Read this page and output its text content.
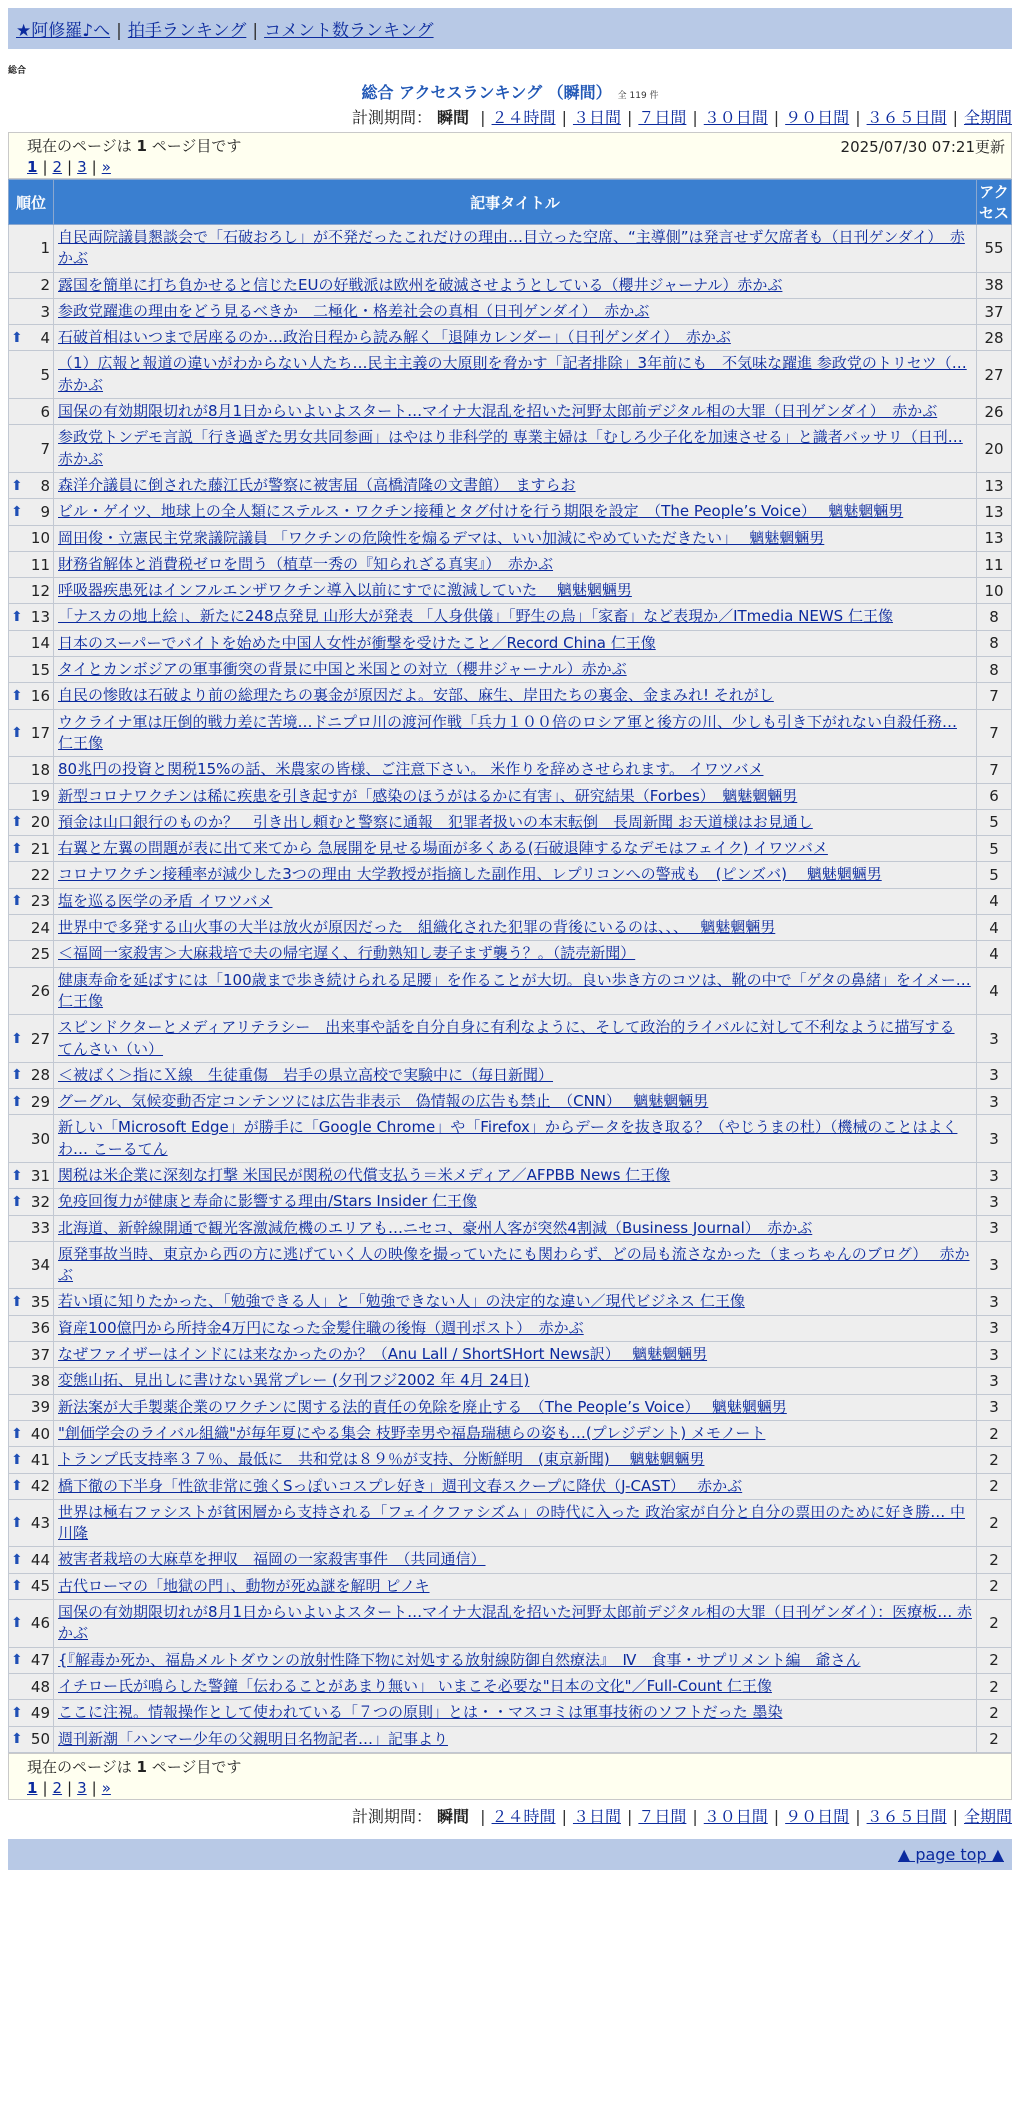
★阿修羅♪へ | 拍手ランキング | コメント数ランキング
総合
総合 アクセスランキング （瞬間） 全 119 件
計測期間： 瞬間 | ２４時間 | ３日間 | ７日間 | ３０日間 | ９０日間 | ３６５日間 | 全期間
現在のページは 1 ページ目です	2025/07/30 07:21更新
1 | 2 | 3 | »
順位	記事タイトル	アクセス
1	自民両院議員懇談会で「石破おろし」が不発だったこれだけの理由…目立った空席、“主導側”は発言せず欠席者も（日刊ゲンダイ）　赤かぶ	55
2	露国を簡単に打ち負かせると信じたEUの好戦派は欧州を破滅させようとしている（櫻井ジャーナル）赤かぶ	38
3	参政党躍進の理由をどう見るべきか　二極化・格差社会の真相（日刊ゲンダイ）　赤かぶ	37

⬆ 4	石破首相はいつまで居座るのか…政治日程から読み解く「退陣カレンダー」（日刊ゲンダイ）　赤かぶ	28
5	（1）広報と報道の違いがわからない人たち…民主主義の大原則を脅かす「記者排除」3年前にも　不気味な躍進 参政党のトリセツ（… 赤かぶ	27
6	国保の有効期限切れが8月1日からいよいよスタート…マイナ大混乱を招いた河野太郎前デジタル相の大罪（日刊ゲンダイ）　赤かぶ	26
7	参政党トンデモ言説「行き過ぎた男女共同参画」はやはり非科学的 専業主婦は「むしろ少子化を加速させる」と識者バッサリ（日刊… 赤かぶ	20

⬆ 8	森洋介議員に倒された藤江氏が警察に被害届（高橋清隆の文書館）　ますらお	13

⬆ 9	ビル・ゲイツ、地球上の全人類にステルス・ワクチン接種とタグ付けを行う期限を設定　（The People’s Voice）　 魑魅魍魎男	13
10	岡田俊・立憲民主党衆議院議員 「ワクチンの危険性を煽るデマは、いい加減にやめていただきたい」　 魑魅魍魎男	13
11	財務省解体と消費税ゼロを問う（植草一秀の『知られざる真実』）　赤かぶ	11
12	呼吸器疾患死はインフルエンザワクチン導入以前にすでに激減していた　 魑魅魍魎男	10

⬆ 13	「ナスカの地上絵」、新たに248点発見 山形大が発表 「人身供儀」「野生の鳥」「家畜」など表現か／ITmedia NEWS 仁王像	8
14	日本のスーパーでバイトを始めた中国人女性が衝撃を受けたこと／Record China 仁王像	8
15	タイとカンボジアの軍事衝突の背景に中国と米国との対立（櫻井ジャーナル）赤かぶ	8

⬆ 16	自民の惨敗は石破より前の総理たちの裏金が原因だよ。安部、麻生、岸田たちの裏金、金まみれ! それがし	7

⬆ 17	ウクライナ軍は圧倒的戦力差に苦境…ドニプロ川の渡河作戦「兵力１００倍のロシア軍と後方の川、少しも引き下がれない自殺任務… 仁王像	7
18	80兆円の投資と関税15%の話、米農家の皆様、ご注意下さい。 米作りを辞めさせられます。 イワツバメ	7
19	新型コロナワクチンは稀に疾患を引き起すが「感染のほうがはるかに有害」、研究結果（Forbes）　魑魅魍魎男	6

⬆ 20	預金は山口銀行のものか？　引き出し頼むと警察に通報　犯罪者扱いの本末転倒　長周新聞 お天道様はお見通し	5

⬆ 21	右翼と左翼の問題が表に出て来てから 急展開を見せる場面が多くある(石破退陣するなデモはフェイク) イワツバメ	5
22	コロナワクチン接種率が減少した3つの理由 大学教授が指摘した副作用、レプリコンへの警戒も　(ピンズバ)　 魑魅魍魎男	5

⬆ 23	塩を巡る医学の矛盾 イワツバメ	4
24	世界中で多発する山火事の大半は放火が原因だった　組織化された犯罪の背後にいるのは、、、　 魑魅魍魎男	4
25	＜福岡一家殺害＞大麻栽培で夫の帰宅遅く、行動熟知し妻子まず襲う？。（読売新聞）	4
26	健康寿命を延ばすには「100歳まで歩き続けられる足腰」を作ることが大切。良い歩き方のコツは、靴の中で「ゲタの鼻緒」をイメー… 仁王像	4

⬆ 27	スピンドクターとメディアリテラシー　出来事や話を自分自身に有利なように、そして政治的ライバルに対して不利なように描写する てんさい（い）	3

⬆ 28	＜被ばく＞指にＸ線　生徒重傷　岩手の県立高校で実験中に（毎日新聞）	3

⬆ 29	グーグル、気候変動否定コンテンツには広告非表示　偽情報の広告も禁止　（CNN）　 魑魅魍魎男	3
30	新しい「Microsoft Edge」が勝手に「Google Chrome」や「Firefox」からデータを抜き取る？（やじうまの杜）（機械のことはよくわ… こーるてん	3

⬆ 31	関税は米企業に深刻な打撃 米国民が関税の代償支払う＝米メディア／AFPBB News 仁王像	3

⬆ 32	免疫回復力が健康と寿命に影響する理由/Stars Insider 仁王像	3
33	北海道、新幹線開通で観光客激減危機のエリアも…ニセコ、豪州人客が突然4割減（Business Journal）　赤かぶ	3
34	原発事故当時、東京から西の方に逃げていく人の映像を撮っていたにも関わらず、どの局も流さなかった（まっちゃんのブログ）　 赤かぶ	3

⬆ 35	若い頃に知りたかった、「勉強できる人」と「勉強できない人」の決定的な違い／現代ビジネス 仁王像	3
36	資産100億円から所持金4万円になった金髪住職の後悔（週刊ポスト）　赤かぶ	3
37	なぜファイザーはインドには来なかったのか？（Anu Lall / ShortSHort News訳）　 魑魅魍魎男	3
38	変態山拓、見出しに書けない異常プレー (夕刊フジ2002 年 4月 24日)	3
39	新法案が大手製薬企業のワクチンに関する法的責任の免除を廃止する　（The People’s Voice）　 魑魅魍魎男	3

⬆ 40	"創価学会のライバル組織"が毎年夏にやる集会 枝野幸男や福島瑞穂らの姿も…(プレジデント) メモノート	2

⬆ 41	トランプ氏支持率３７％、最低に　共和党は８９％が支持、分断鮮明　(東京新聞)　 魑魅魍魎男	2

⬆ 42	橋下徹の下半身「性欲非常に強くSっぽいコスプレ好き」週刊文春スクープに降伏（J-CAST）　 赤かぶ	2

⬆ 43	世界は極右ファシストが貧困層から支持される「フェイクファシズム」の時代に入った 政治家が自分と自分の票田のために好き勝… 中川隆	2

⬆ 44	被害者栽培の大麻草を押収　福岡の一家殺害事件　（共同通信）	2

⬆ 45	古代ローマの「地獄の門」、動物が死ぬ謎を解明 ピノキ	2

⬆ 46	国保の有効期限切れが8月1日からいよいよスタート…マイナ大混乱を招いた河野太郎前デジタル相の大罪（日刊ゲンダイ）：医療板… 赤かぶ	2

⬆ 47	{『解毒か死か、福島メルトダウンの放射性降下物に対処する放射線防御自然療法』　Ⅳ　食事・サプリメント編　爺さん	2
48	イチロー氏が鳴らした警鐘「伝わることがあまり無い」 いまこそ必要な"日本の文化"／Full-Count 仁王像	2

⬆ 49	ここに注視。情報操作として使われている「７つの原則」とは・・マスコミは軍事技術のソフトだった 墨染	2

⬆ 50	週刊新潮「ハンマー少年の父親明日名物記者…」記事より	2
現在のページは 1 ページ目です
1 | 2 | 3 | »
計測期間： 瞬間 | ２４時間 | ３日間 | ７日間 | ３０日間 | ９０日間 | ３６５日間 | 全期間
▲ page top ▲
